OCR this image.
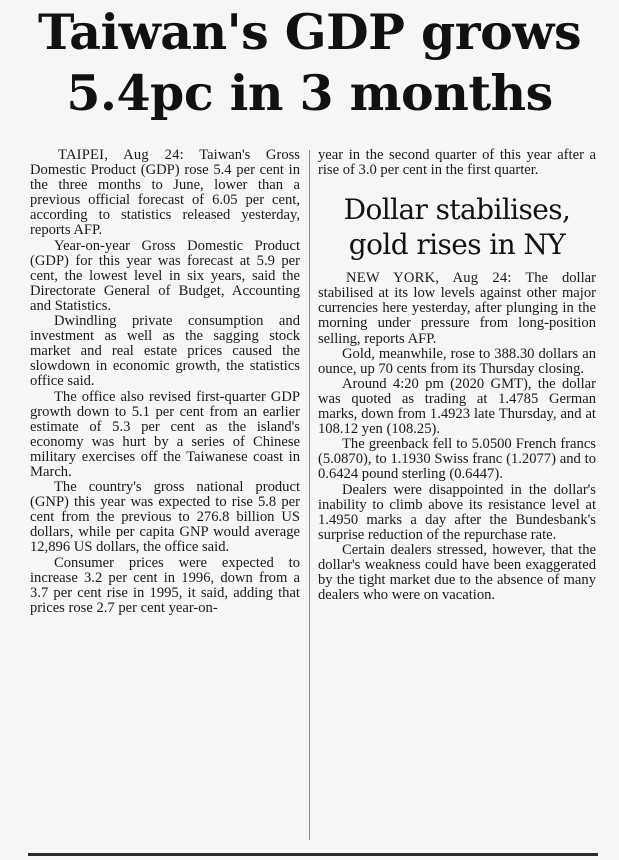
Taiwan's GDP grows
5.4pc in 3 months

TAIPEI, Aug 24: Taiwan's Gross Domestic Product (GDP) rose 5.4 per cent in the three months to June, lower than a previous official forecast of 6.05 per cent, according to statistics released yesterday, reports AFP.

Year-on-year Gross Domestic Product (GDP) for this year was forecast at 5.9 per cent, the lowest level in six years, said the Directorate General of Budget, Accounting and Statistics.

Dwindling private consumption and investment as well as the sagging stock market and real estate prices caused the slowdown in economic growth, the statistics office said.

The office also revised first-quarter GDP growth down to 5.1 per cent from an earlier estimate of 5.3 per cent as the island's economy was hurt by a series of Chinese military exercises off the Taiwanese coast in March.

The country's gross national product (GNP) this year was expected to rise 5.8 per cent from the previous to 276.8 billion US dollars, while per capita GNP would average 12,896 US dollars, the office said.

Consumer prices were expected to increase 3.2 per cent in 1996, down from a 3.7 per cent rise in 1995, it said, adding that prices rose 2.7 per cent year-on-

year in the second quarter of this year after a rise of 3.0 per cent in the first quarter.

Dollar stabilises,
gold rises in NY

NEW YORK, Aug 24: The dollar stabilised at its low levels against other major currencies here yesterday, after plunging in the morning under pressure from long-position selling, reports AFP.

Gold, meanwhile, rose to 388.30 dollars an ounce, up 70 cents from its Thursday closing.

Around 4:20 pm (2020 GMT), the dollar was quoted as trading at 1.4785 German marks, down from 1.4923 late Thursday, and at 108.12 yen (108.25).

The greenback fell to 5.0500 French francs (5.0870), to 1.1930 Swiss franc (1.2077) and to 0.6424 pound sterling (0.6447).

Dealers were disappointed in the dollar's inability to climb above its resistance level at 1.4950 marks a day after the Bundesbank's surprise reduction of the repurchase rate.

Certain dealers stressed, however, that the dollar's weakness could have been exaggerated by the tight market due to the absence of many dealers who were on vacation.
